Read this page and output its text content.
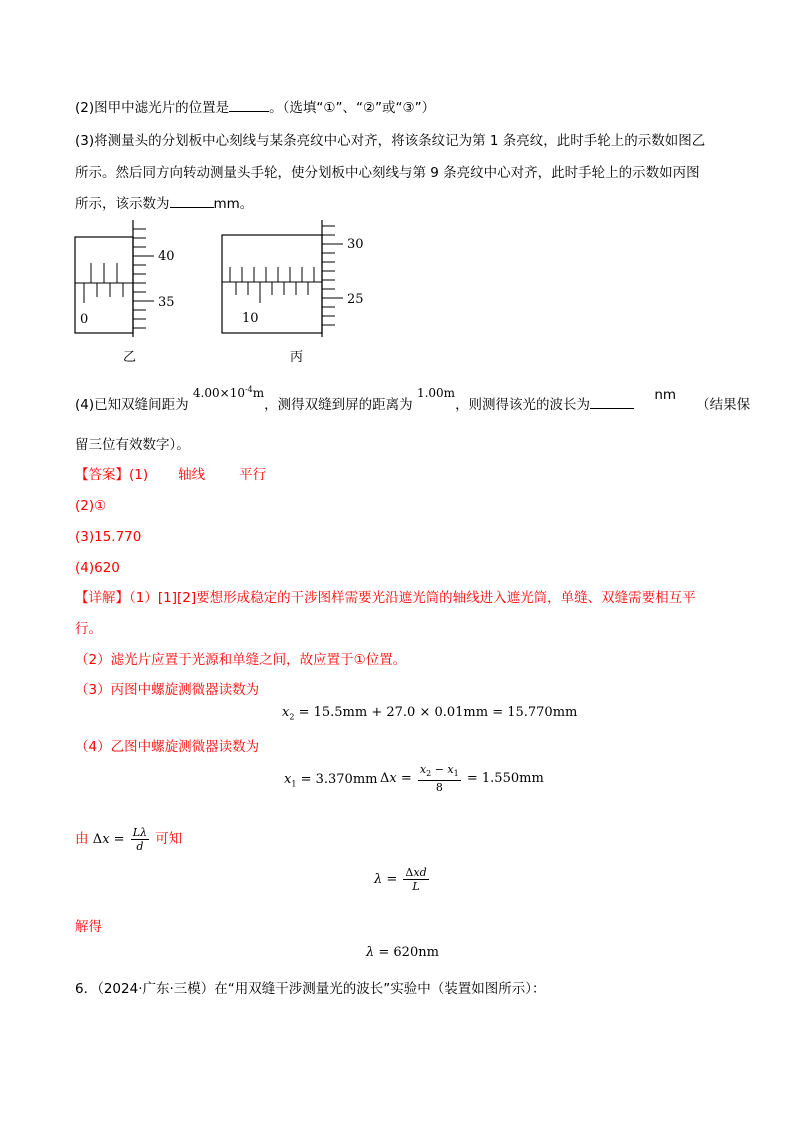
(2)图甲中滤光片的位置是	。（选填“①”、“②”或“③”）
(3)将测量头的分划板中心刻线与某条亮纹中心对齐，将该条纹记为第 1 条亮纹，此时手轮上的示数如图乙
所示。然后同方向转动测量头手轮，使分划板中心刻线与第 9 条亮纹中心对齐，此时手轮上的示数如丙图
所示，该示数为	mm。
0
40
35
乙
10
30
25
丙
(4)已知双缝间距为 $4.00\times 10^{-4}m$，测得双缝到屏的距离为 1.00m，则测得该光的波长为 nm（结果保
留三位有效数字）。
【答案】(1) 轴线	平行
(2)①
(3)15.770
(4)620
【详解】（1）[1][2]要想形成稳定的干涉图样需要光沿遮光筒的轴线进入遮光筒，单缝、双缝需要相互平
行。
（2）滤光片应置于光源和单缝之间，故应置于①位置。
（3）丙图中螺旋测微器读数为
$x_2 = 15.5mm + 27.0 \times 0.01mm = 15.770mm$
（4）乙图中螺旋测微器读数为
$x_1 = 3.370mm$ $\Delta x = \frac{x_2 - x_1}{8} = 1.550mm$
由 $\Delta x = \frac{L\lambda}{d}$ 可知
$\lambda = \frac{\text{Δxd}}{L}$
解得
λ = 620nm
6．（2024·广东·三模）在“用双缝干涉测量光的波长”实验中（装置如图所示）：
